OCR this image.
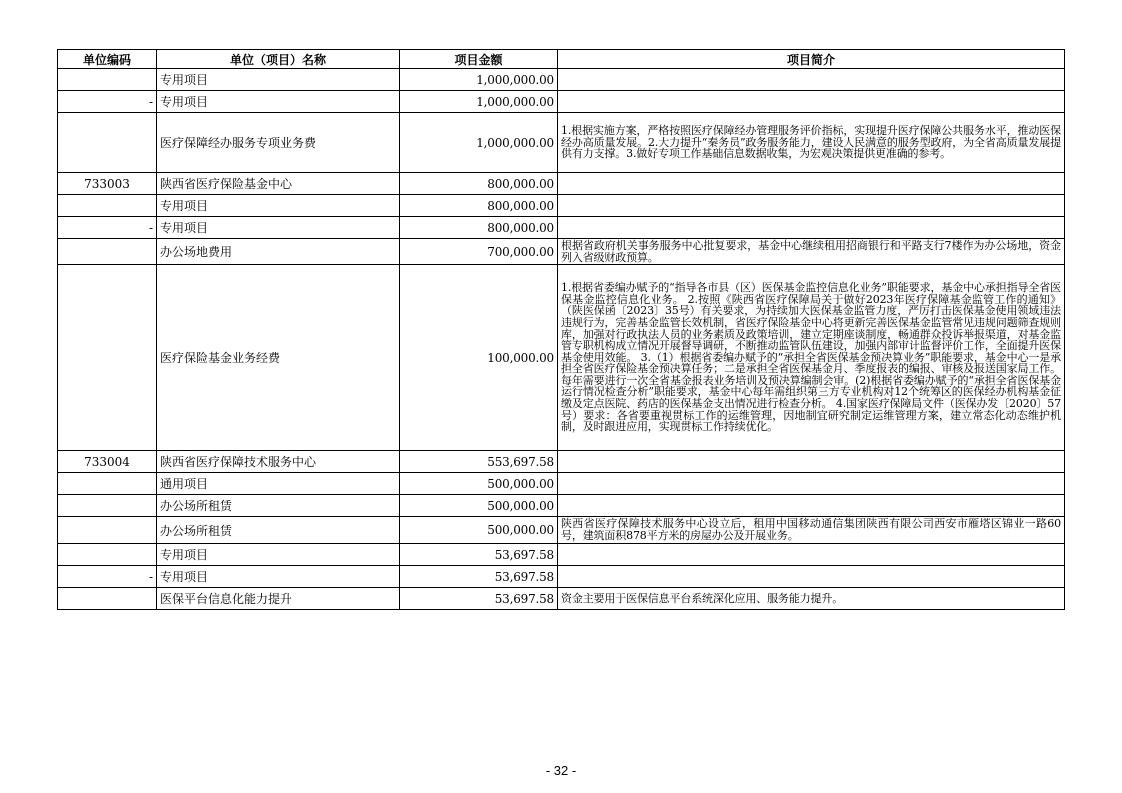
单位编码	单位（项目）名称	项目金额	项目简介
	专用项目	1,000,000.00	
-	专用项目	1,000,000.00	
	医疗保障经办服务专项业务费	1,000,000.00	1.根据实施方案，严格按照医疗保障经办管理服务评价指标，实现提升医疗保障公共服务水平，推动医保经办高质量发展。2.大力提升“秦务员”政务服务能力，建设人民满意的服务型政府，为全省高质量发展提供有力支撑。3.做好专项工作基础信息数据收集，为宏观决策提供更准确的参考。
733003	陕西省医疗保险基金中心	800,000.00	
	专用项目	800,000.00	
-	专用项目	800,000.00	
	办公场地费用	700,000.00	根据省政府机关事务服务中心批复要求，基金中心继续租用招商银行和平路支行7楼作为办公场地，资金列入省级财政预算。
	医疗保险基金业务经费	100,000.00	1.根据省委编办赋予的“指导各市县（区）医保基金监控信息化业务”职能要求，基金中心承担指导全省医保基金监控信息化业务。 2.按照《陕西省医疗保障局关于做好2023年医疗保障基金监管工作的通知》（陕医保函〔2023〕35号）有关要求，为持续加大医保基金监管力度，严厉打击医保基金使用领域违法违规行为，完善基金监管长效机制，省医疗保险基金中心将更新完善医保基金监管常见违规问题筛查规则库，加强对行政执法人员的业务素质及政策培训，建立定期座谈制度，畅通群众投诉举报渠道，对基金监管专职机构成立情况开展督导调研，不断推动监管队伍建设，加强内部审计监督评价工作，全面提升医保基金使用效能。 3.（1）根据省委编办赋予的“承担全省医保基金预决算业务”职能要求，基金中心一是承担全省医疗保险基金预决算任务；二是承担全省医保基金月、季度报表的编报、审核及报送国家局工作。每年需要进行一次全省基金报表业务培训及预决算编制会审。(2)根据省委编办赋予的“承担全省医保基金运行情况检查分析”职能要求，基金中心每年需组织第三方专业机构对12个统筹区的医保经办机构基金征缴及定点医院、药店的医保基金支出情况进行检查分析。 4.国家医疗保障局文件（医保办发〔2020〕57号）要求：各省要重视贯标工作的运维管理，因地制宜研究制定运维管理方案，建立常态化动态维护机制，及时跟进应用，实现贯标工作持续优化。
733004	陕西省医疗保障技术服务中心	553,697.58	
	通用项目	500,000.00	
	办公场所租赁	500,000.00	
	办公场所租赁	500,000.00	陕西省医疗保障技术服务中心设立后，租用中国移动通信集团陕西有限公司西安市雁塔区锦业一路60号，建筑面积878平方米的房屋办公及开展业务。
	专用项目	53,697.58	
-	专用项目	53,697.58	
	医保平台信息化能力提升	53,697.58	资金主要用于医保信息平台系统深化应用、服务能力提升。
- 32 -
